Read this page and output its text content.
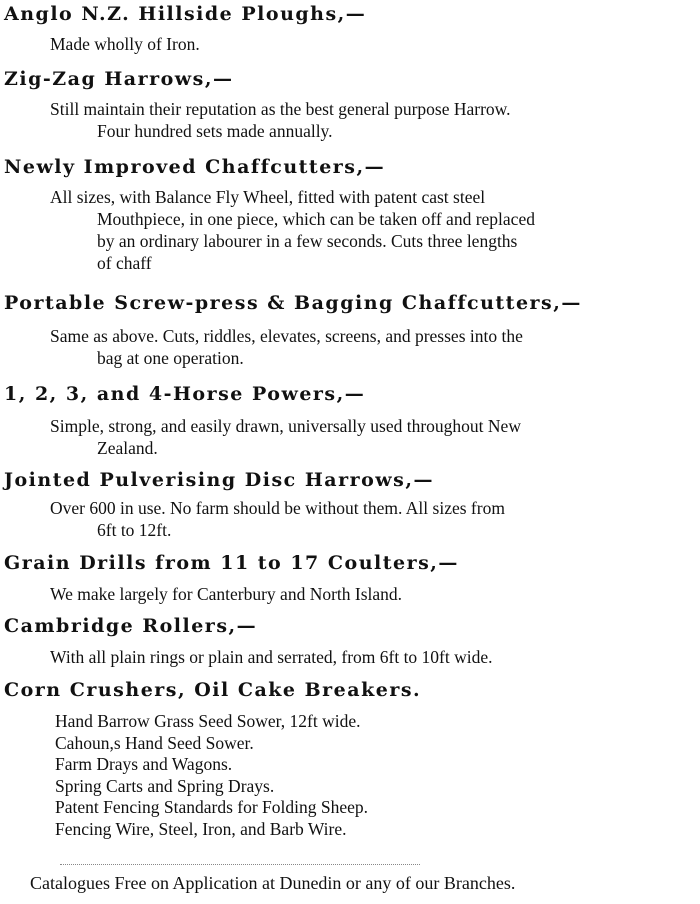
Anglo N.Z. Hillside Ploughs,—

Made wholly of Iron.

Zig-Zag Harrows,—

Still maintain their reputation as the best general purpose Harrow.
Four hundred sets made annually.

Newly Improved Chaffcutters,—

All sizes, with Balance Fly Wheel, fitted with patent cast steel
Mouthpiece, in one piece, which can be taken off and replaced
by an ordinary labourer in a few seconds. Cuts three lengths
of chaff

Portable Screw-press & Bagging Chaffcutters,—

Same as above. Cuts, riddles, elevates, screens, and presses into the
bag at one operation.

1, 2, 3, and 4-Horse Powers,—

Simple, strong, and easily drawn, universally used throughout New
Zealand.

Jointed Pulverising Disc Harrows,—

Over 600 in use. No farm should be without them. All sizes from
6ft to 12ft.

Grain Drills from 11 to 17 Coulters,—

We make largely for Canterbury and North Island.

Cambridge Rollers,—

With all plain rings or plain and serrated, from 6ft to 10ft wide.

Corn Crushers, Oil Cake Breakers.
Hand Barrow Grass Seed Sower, 12ft wide.
Cahoun,s Hand Seed Sower.
Farm Drays and Wagons.
Spring Carts and Spring Drays.
Patent Fencing Standards for Folding Sheep.
Fencing Wire, Steel, Iron, and Barb Wire.

Catalogues Free on Application at Dunedin or any of our Branches.
